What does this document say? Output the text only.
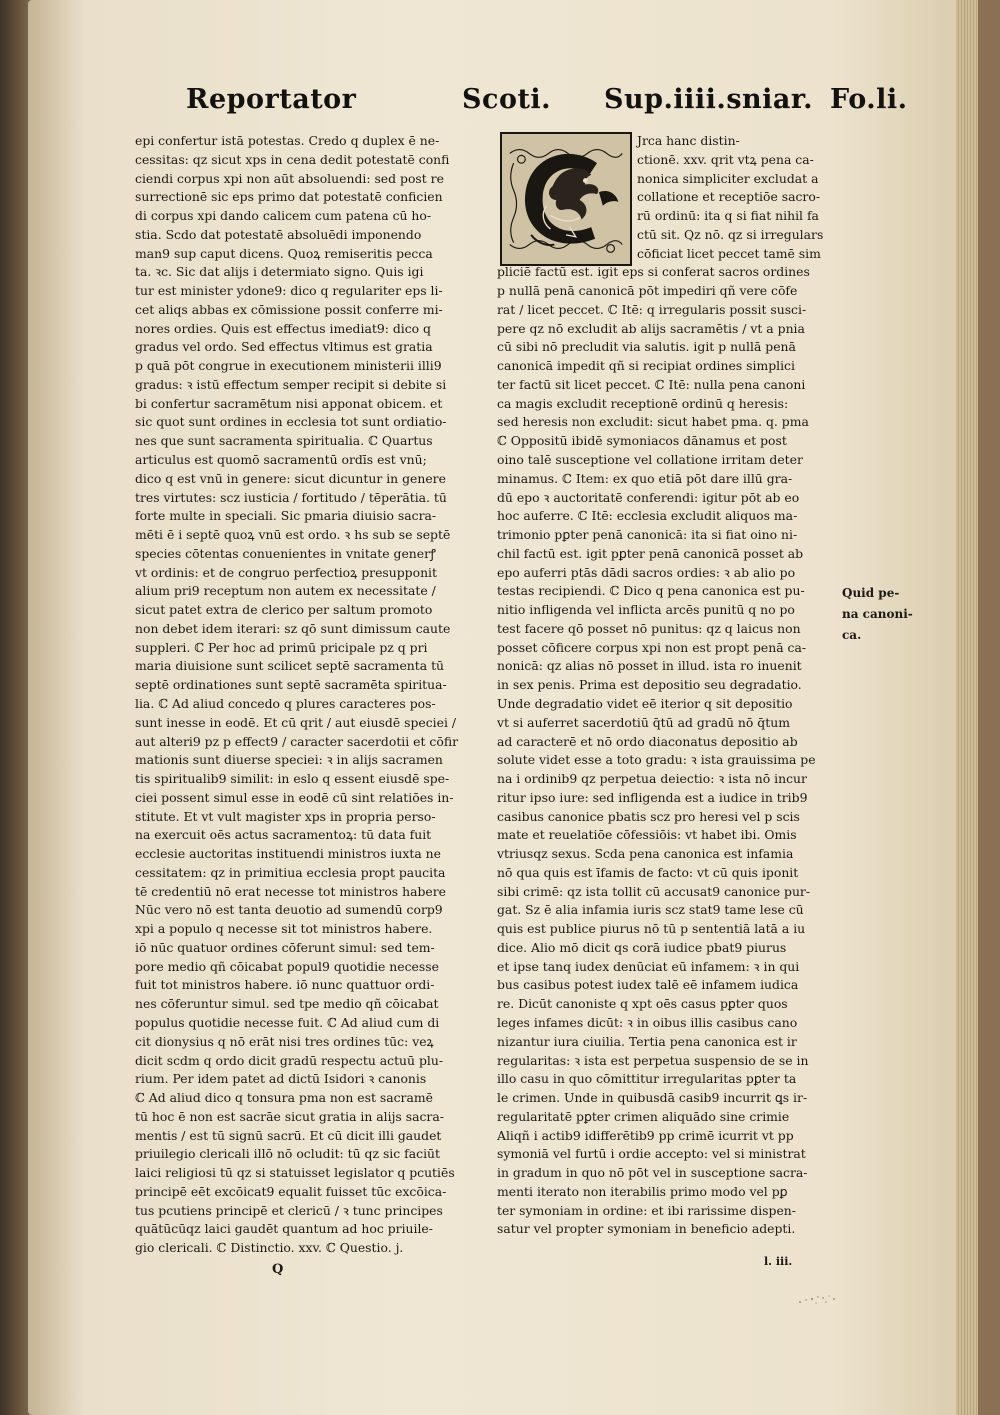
Reportator	Scoti. Sup.iiii.sniar. Fo.li.
epi confertur istā potestas. Credo q duplex ē ne-
cessitas: qz sicut xps in cena dedit potestatē confi
ciendi corpus xpi non aūt absoluendi: sed post re
surrectionē sic eps primo dat potestatē conficien
di corpus xpi dando calicem cum patena cū ho-
stia. Scdo dat potestatē absoluēdi imponendo
man9 sup caput dicens. Quoꝝ remiseritis pecca
ta. ꝛc. Sic dat alijs i determiato signo. Quis igi
tur est minister ydone9: dico q regulariter eps li-
cet aliqs abbas ex cōmissione possit conferre mi-
nores ordies. Quis est effectus imediat9: dico q
gradus vel ordo. Sed effectus vltimus est gratia
p quā pōt congrue in executionem ministerii illi9
gradus: ꝛ istū effectum semper recipit si debite si
bi confertur sacramētum nisi apponat obicem. et
sic quot sunt ordines in ecclesia tot sunt ordiatio-
nes que sunt sacramenta spiritualia. ℂ Quartus
articulus est quomō sacramentū ordīs est vnū;
dico q est vnū in genere: sicut dicuntur in genere
tres virtutes: scz iusticia / fortitudo / tēperātia. tū
forte multe in speciali. Sic pmaria diuisio sacra-
mēti ē i septē quoꝝ vnū est ordo. ꝛ hs sub se septē
species cōtentas conuenientes in vnitate generꝭ
vt ordinis: et de congruo perfectioꝝ presupponit
alium pri9 receptum non autem ex necessitate /
sicut patet extra de clerico per saltum promoto
non debet idem iterari: sz qō sunt dimissum caute
suppleri. ℂ Per hoc ad primū pricipale pz q pri
maria diuisione sunt scilicet septē sacramenta tū
septē ordinationes sunt septē sacramēta spiritua-
lia. ℂ Ad aliud concedo q plures caracteres pos-
sunt inesse in eodē. Et cū qrit / aut eiusdē speciei /
aut alteri9 pz p effect9 / caracter sacerdotii et cōfir
mationis sunt diuerse speciei: ꝛ in alijs sacramen
tis spiritualib9 similit: in eslo q essent eiusdē spe-
ciei possent simul esse in eodē cū sint relatiōes in-
stitute. Et vt vult magister xps in propria perso-
na exercuit oēs actus sacramentoꝝ: tū data fuit
ecclesie auctoritas instituendi ministros iuxta ne
cessitatem: qz in primitiua ecclesia propt paucita
tē credentiū nō erat necesse tot ministros habere
Nūc vero nō est tanta deuotio ad sumendū corp9
xpi a populo q necesse sit tot ministros habere.
iō nūc quatuor ordines cōferunt simul: sed tem-
pore medio qñ cōicabat popul9 quotidie necesse
fuit tot ministros habere. iō nunc quattuor ordi-
nes cōferuntur simul. sed tpe medio qñ cōicabat
populus quotidie necesse fuit. ℂ Ad aliud cum di
cit dionysius q nō erāt nisi tres ordines tūc: veꝝ
dicit scdm q ordo dicit gradū respectu actuū plu-
rium. Per idem patet ad dictū Isidori ꝛ canonis
ℂ Ad aliud dico q tonsura pma non est sacramē
tū hoc ē non est sacrāe sicut gratia in alijs sacra-
mentis / est tū signū sacrū. Et cū dicit illi gaudet
priuilegio clericali illō nō ocludit: tū qz sic faciūt
laici religiosi tū qz si statuisset legislator q pcutiēs
principē eēt excōicat9 equalit fuisset tūc excōica-
tus pcutiens principē et clericū / ꝛ tunc principes
quātūcūqz laici gaudēt quantum ad hoc priuile-
gio clericali. ℂ Distinctio. xxv. ℂ Questio. j.
Jrca hanc distin-
ctionē. xxv. qrit vtꝝ pena ca-
nonica simpliciter excludat a
collatione et receptiōe sacro-
rū ordinū: ita q si fiat nihil fa
ctū sit. Qz nō. qz si irregulars
cōficiat licet peccet tamē sim
pliciē factū est. igit eps si conferat sacros ordines
p nullā penā canonicā pōt impediri qñ vere cōfe
rat / licet peccet. ℂ Itē: q irregularis possit susci-
pere qz nō excludit ab alijs sacramētis / vt a pnia
cū sibi nō precludit via salutis. igit p nullā penā
canonicā impedit qñ si recipiat ordines simplici
ter factū sit licet peccet. ℂ Itē: nulla pena canoni
ca magis excludit receptionē ordinū q heresis:
sed heresis non excludit: sicut habet pma. q. pma
ℂ Oppositū ibidē symoniacos dānamus et post
oino talē susceptione vel collatione irritam deter
minamus. ℂ Item: ex quo etiā pōt dare illū gra-
dū epo ꝛ auctoritatē conferendi: igitur pōt ab eo
hoc auferre. ℂ Itē: ecclesia excludit aliquos ma-
trimonio pꝑter penā canonicā: ita si fiat oino ni-
chil factū est. igit pꝑter penā canonicā posset ab
epo auferri ptās dādi sacros ordies: ꝛ ab alio po
testas recipiendi. ℂ Dico q pena canonica est pu-
nitio infligenda vel inflicta arcēs punitū q no po
test facere qō posset nō punitus: qz q laicus non
posset cōficere corpus xpi non est propt penā ca-
nonicā: qz alias nō posset in illud. ista ro inuenit
in sex penis. Prima est depositio seu degradatio.
Unde degradatio videt eē iterior q sit depositio
vt si auferret sacerdotiū q̄tū ad gradū nō q̄tum
ad caracterē et nō ordo diaconatus depositio ab
solute videt esse a toto gradu: ꝛ ista grauissima pe
na i ordinib9 qz perpetua deiectio: ꝛ ista nō incur
ritur ipso iure: sed infligenda est a iudice in trib9
casibus canonice pbatis scz pro heresi vel p scis
mate et reuelatiōe cōfessiōis: vt habet ibi. Omis
vtriusqz sexus. Scda pena canonica est infamia
nō qua quis est īfamis de facto: vt cū quis iponit
sibi crimē: qz ista tollit cū accusat9 canonice pur-
gat. Sz ē alia infamia iuris scz stat9 tame lese cū
quis est publice piurus nō tū p sententiā latā a iu
dice. Alio mō dicit qs corā iudice pbat9 piurus
et ipse tanq iudex denūciat eū infamem: ꝛ in qui
bus casibus potest iudex talē eē infamem iudica
re. Dicūt canoniste q xpt oēs casus pꝑter quos
leges infames dicūt: ꝛ in oibus illis casibus cano
nizantur iura ciuilia. Tertia pena canonica est ir
regularitas: ꝛ ista est perpetua suspensio de se in
illo casu in quo cōmittitur irregularitas pꝑter ta
le crimen. Unde in quibusdā casib9 incurrit ꝗs ir-
regularitatē pꝑter crimen aliquādo sine crimie
Aliqñ i actib9 idifferētib9 pp crimē icurrit vt pp
symoniā vel furtū i ordie accepto: vel si ministrat
in gradum in quo nō pōt vel in susceptione sacra-
menti iterato non iterabilis primo modo vel pꝑ
ter symoniam in ordine: et ibi rarissime dispen-
satur vel propter symoniam in beneficio adepti.
Quid pe-
na canoni-
ca.
Q
l. iii.
